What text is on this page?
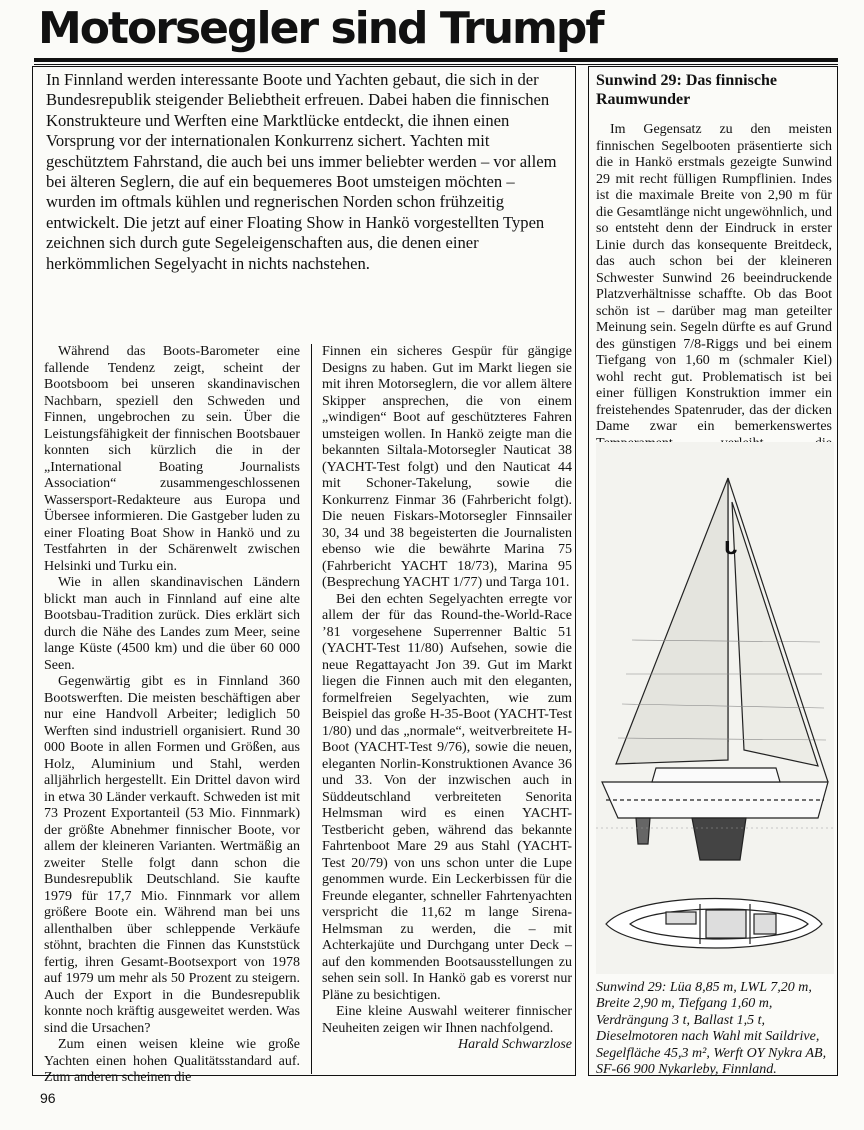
Motorsegler sind Trumpf

In Finnland werden interessante Boote und Yachten gebaut, die sich in der Bundesrepublik steigender Beliebtheit erfreuen. Dabei haben die finnischen Konstrukteure und Werften eine Marktlücke entdeckt, die ihnen einen Vorsprung vor der internationalen Konkurrenz sichert. Yachten mit geschütztem Fahrstand, die auch bei uns immer beliebter werden – vor allem bei älteren Seglern, die auf ein bequemeres Boot umsteigen möchten – wurden im oftmals kühlen und regnerischen Norden schon frühzeitig entwickelt. Die jetzt auf einer Floating Show in Hankö vorgestellten Typen zeichnen sich durch gute Segeleigenschaften aus, die denen einer herkömmlichen Segelyacht in nichts nachstehen.

Während das Boots-Barometer eine fallende Tendenz zeigt, scheint der Bootsboom bei unseren skandinavischen Nachbarn, speziell den Schweden und Finnen, ungebrochen zu sein. Über die Leistungsfähigkeit der finnischen Bootsbauer konnten sich kürzlich die in der „International Boating Journalists Association“ zusammengeschlossenen Wassersport-Redakteure aus Europa und Übersee informieren. Die Gastgeber luden zu einer Floating Boat Show in Hankö und zu Testfahrten in der Schärenwelt zwischen Helsinki und Turku ein.

Wie in allen skandinavischen Ländern blickt man auch in Finnland auf eine alte Bootsbau-Tradition zurück. Dies erklärt sich durch die Nähe des Landes zum Meer, seine lange Küste (4500 km) und die über 60 000 Seen.

Gegenwärtig gibt es in Finnland 360 Bootswerften. Die meisten beschäftigen aber nur eine Handvoll Arbeiter; lediglich 50 Werften sind industriell organisiert. Rund 30 000 Boote in allen Formen und Größen, aus Holz, Aluminium und Stahl, werden alljährlich hergestellt. Ein Drittel davon wird in etwa 30 Länder verkauft. Schweden ist mit 73 Prozent Exportanteil (53 Mio. Finnmark) der größte Abnehmer finnischer Boote, vor allem der kleineren Varianten. Wertmäßig an zweiter Stelle folgt dann schon die Bundesrepublik Deutschland. Sie kaufte 1979 für 17,7 Mio. Finnmark vor allem größere Boote ein. Während man bei uns allenthalben über schleppende Verkäufe stöhnt, brachten die Finnen das Kunststück fertig, ihren Gesamt-Bootsexport von 1978 auf 1979 um mehr als 50 Prozent zu steigern. Auch der Export in die Bundesrepublik konnte noch kräftig ausgeweitet werden. Was sind die Ursachen?

Zum einen weisen kleine wie große Yachten einen hohen Qualitätsstandard auf. Zum anderen scheinen die

Finnen ein sicheres Gespür für gängige Designs zu haben. Gut im Markt liegen sie mit ihren Motorseglern, die vor allem ältere Skipper ansprechen, die von einem „windigen“ Boot auf geschützteres Fahren umsteigen wollen. In Hankö zeigte man die bekannten Siltala-Motorsegler Nauticat 38 (YACHT-Test folgt) und den Nauticat 44 mit Schoner-Takelung, sowie die Konkurrenz Finmar 36 (Fahrbericht folgt). Die neuen Fiskars-Motorsegler Finnsailer 30, 34 und 38 begeisterten die Journalisten ebenso wie die bewährte Marina 75 (Fahrbericht YACHT 18/73), Marina 95 (Besprechung YACHT 1/77) und Targa 101.

Bei den echten Segelyachten erregte vor allem der für das Round-the-World-Race ’81 vorgesehene Superrenner Baltic 51 (YACHT-Test 11/80) Aufsehen, sowie die neue Regattayacht Jon 39. Gut im Markt liegen die Finnen auch mit den eleganten, formelfreien Segelyachten, wie zum Beispiel das große H-35-Boot (YACHT-Test 1/80) und das „normale“, weitverbreitete H-Boot (YACHT-Test 9/76), sowie die neuen, eleganten Norlin-Konstruktionen Avance 36 und 33. Von der inzwischen auch in Süddeutschland verbreiteten Senorita Helmsman wird es einen YACHT-Testbericht geben, während das bekannte Fahrtenboot Mare 29 aus Stahl (YACHT-Test 20/79) von uns schon unter die Lupe genommen wurde. Ein Leckerbissen für die Freunde eleganter, schneller Fahrtenyachten verspricht die 11,62 m lange Sirena-Helmsman zu werden, die – mit Achterkajüte und Durchgang unter Deck – auf den kommenden Bootsausstellungen zu sehen sein soll. In Hankö gab es vorerst nur Pläne zu besichtigen.

Eine kleine Auswahl weiterer finnischer Neuheiten zeigen wir Ihnen nachfolgend.
Harald Schwarzlose

Sunwind 29: Das finnische Raumwunder

Im Gegensatz zu den meisten finnischen Segelbooten präsentierte sich die in Hankö erstmals gezeigte Sunwind 29 mit recht fülligen Rumpflinien. Indes ist die maximale Breite von 2,90 m für die Gesamtlänge nicht ungewöhnlich, und so entsteht denn der Eindruck in erster Linie durch das konsequente Breitdeck, das auch schon bei der kleineren Schwester Sunwind 26 beeindruckende Platzverhältnisse schaffte. Ob das Boot schön ist – darüber mag man geteilter Meinung sein. Segeln dürfte es auf Grund des günstigen 7/8-Riggs und bei einem Tiefgang von 1,60 m (schmaler Kiel) wohl recht gut. Problematisch ist bei einer fülligen Konstruktion immer ein freistehendes Spatenruder, das der dicken Dame zwar ein bemerkenswertes

ᒐ

Sunwind 29: Lüa 8,85 m, LWL 7,20 m, Breite 2,90 m, Tiefgang 1,60 m, Verdrängung 3 t, Ballast 1,5 t, Dieselmotoren nach Wahl mit Saildrive, Segelfläche 45,3 m², Werft OY Nykra AB, SF-66 900 Nykarleby, Finnland.

96
